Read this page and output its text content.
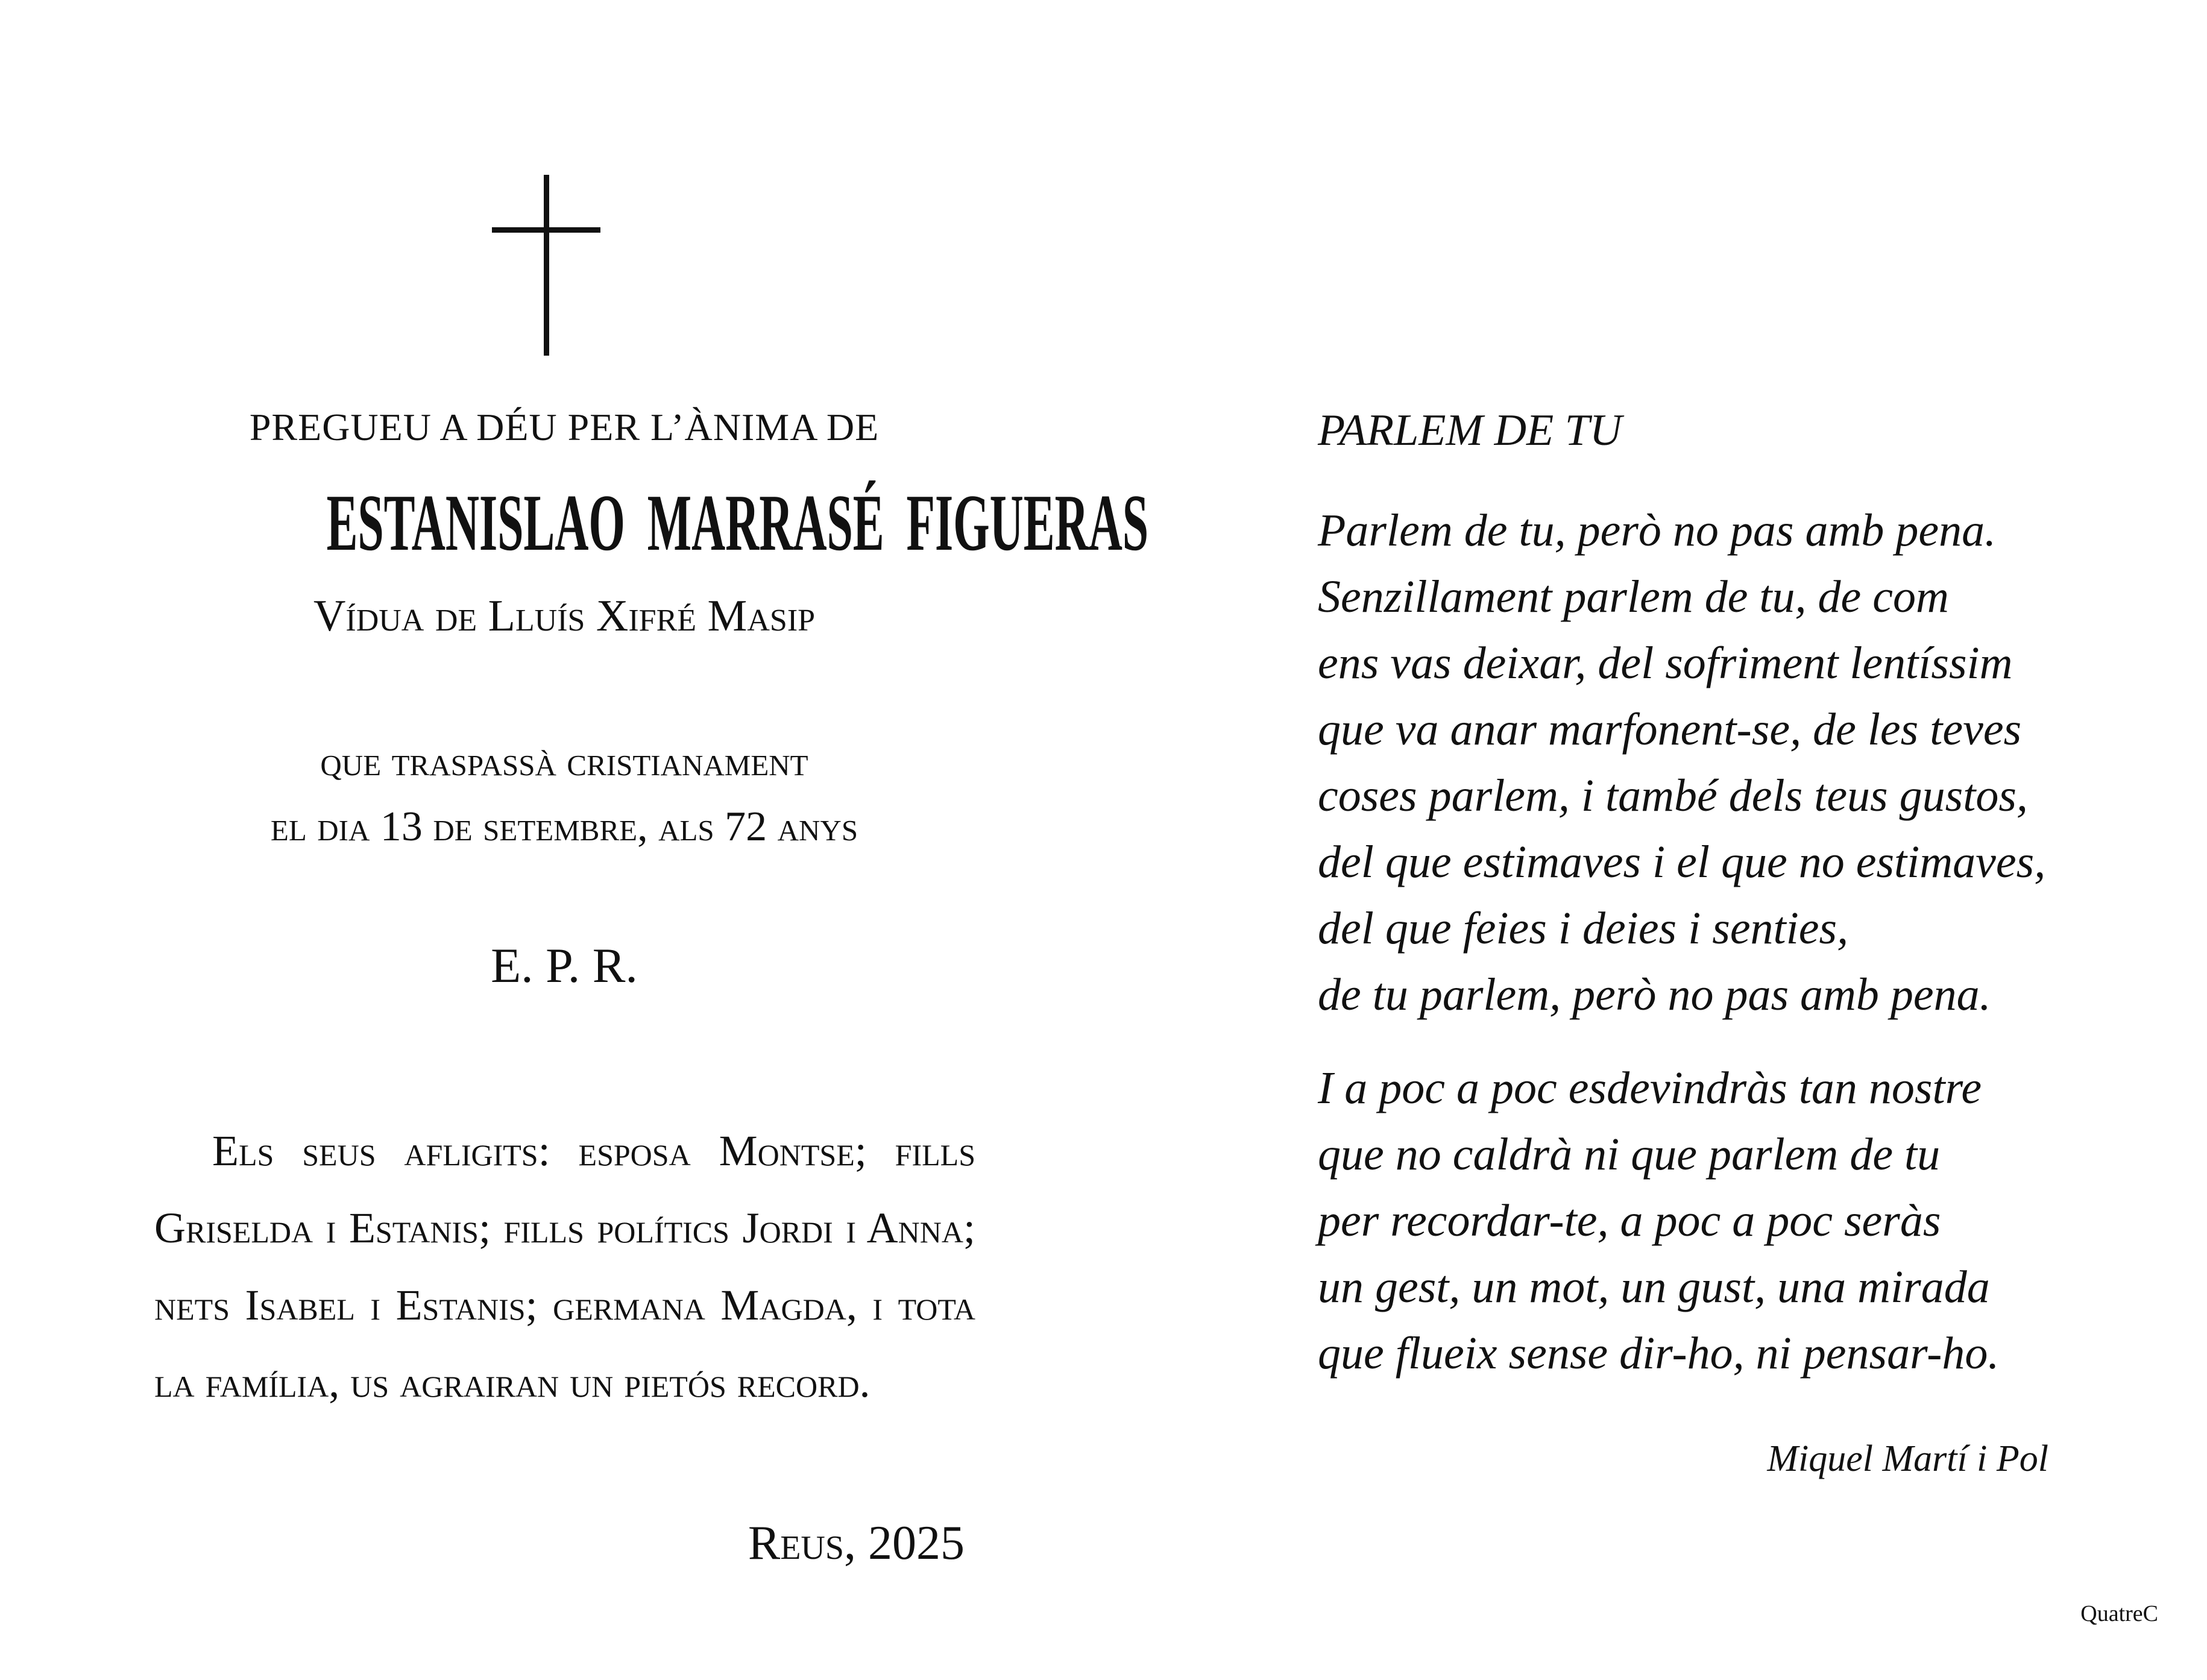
PREGUEU A DÉU PER L’ÀNIMA DE
ESTANISLAO MARRASÉ FIGUERAS
Vídua de Lluís Xifré Masip
que traspassà cristianament
el dia 13 de setembre, als 72 anys
E. P. R.

Els seus afligits: esposa Montse; fills Griselda i Estanis; fills polítics Jordi i Anna; nets Isabel i Estanis; germana Magda, i tota la família, us agrairan un pietós record.

Reus, 2025
PARLEM DE TU
Parlem de tu, però no pas amb pena.
Senzillament parlem de tu, de com
ens vas deixar, del sofriment lentíssim
que va anar marfonent-se, de les teves
coses parlem, i també dels teus gustos,
del que estimaves i el que no estimaves,
del que feies i deies i senties,
de tu parlem, però no pas amb pena.
I a poc a poc esdevindràs tan nostre
que no caldrà ni que parlem de tu
per recordar-te, a poc a poc seràs
un gest, un mot, un gust, una mirada
que flueix sense dir-ho, ni pensar-ho.
Miquel Martí i Pol
QuatreC
